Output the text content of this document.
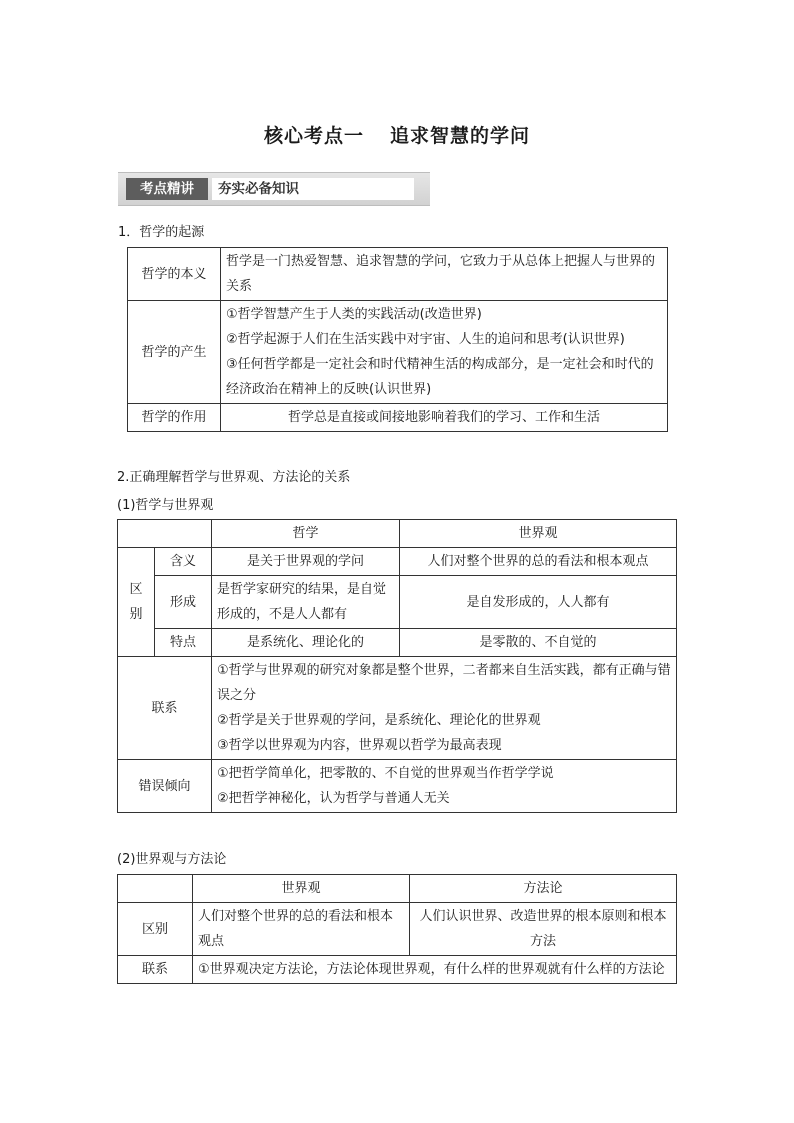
核心考点一 追求智慧的学问
考点精讲	夯实必备知识
1．哲学的起源
哲学的本义	哲学是一门热爱智慧、追求智慧的学问，它致力于从总体上把握人与世界的关系

哲学的产生	①哲学智慧产生于人类的实践活动(改造世界)
②哲学起源于人们在生活实践中对宇宙、人生的追问和思考(认识世界)
③任何哲学都是一定社会和时代精神生活的构成部分，是一定社会和时代的经济政治在精神上的反映(认识世界)

哲学的作用	哲学总是直接或间接地影响着我们的学习、工作和生活
2.正确理解哲学与世界观、方法论的关系
(1)哲学与世界观
		哲学	世界观

区
别	含义	是关于世界观的学问	人们对整个世界的总的看法和根本观点
	形成	是哲学家研究的结果，是自觉形成的，不是人人都有	是自发形成的，人人都有
	特点	是系统化、理论化的	是零散的、不自觉的
联系		①哲学与世界观的研究对象都是整个世界，二者都来自生活实践，都有正确与错误之分
②哲学是关于世界观的学问，是系统化、理论化的世界观
③哲学以世界观为内容，世界观以哲学为最高表现	

错误倾向		①把哲学简单化，把零散的、不自觉的世界观当作哲学学说
②把哲学神秘化，认为哲学与普通人无关	
(2)世界观与方法论
	世界观	方法论
区别	人们对整个世界的总的看法和根本观点	人们认识世界、改造世界的根本原则和根本方法
联系	①世界观决定方法论，方法论体现世界观，有什么样的世界观就有什么样的方法论	
